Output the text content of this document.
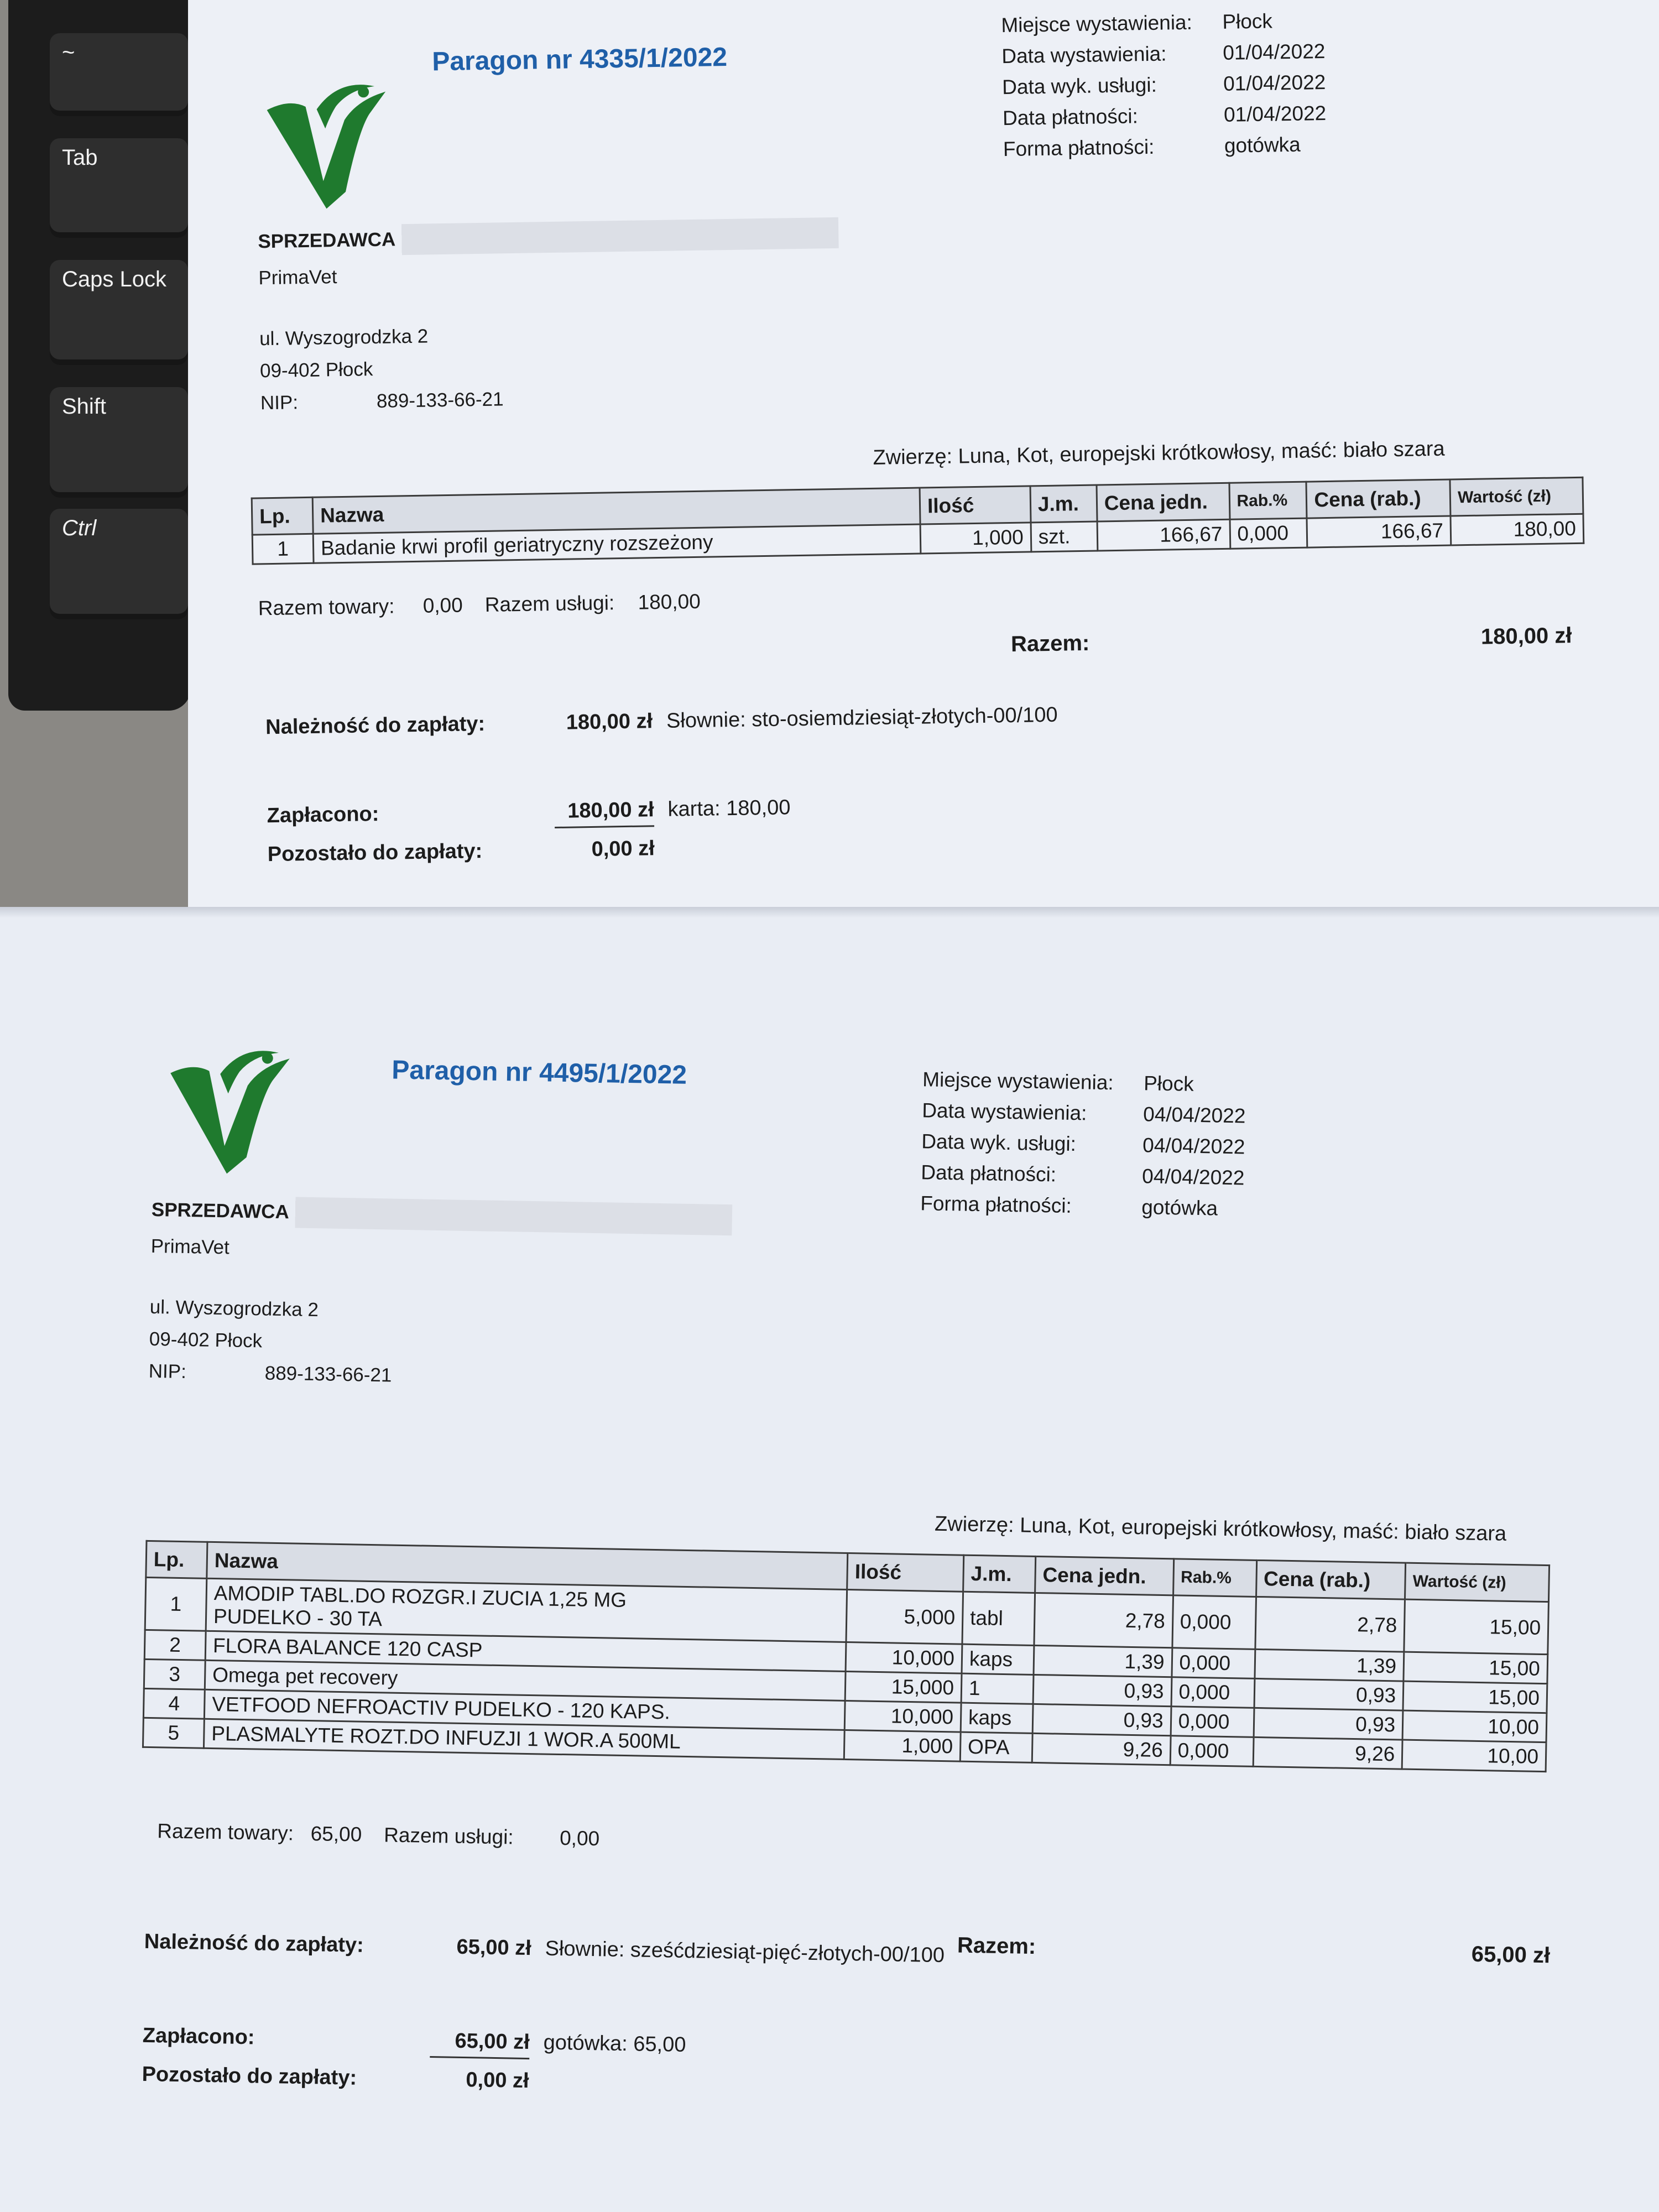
~
Tab
Caps Lock
Shift
Ctrl
Paragon nr 4335/1/2022
Miejsce wystawienia:	Płock
Data wystawienia:	01/04/2022
Data wyk. usługi:	01/04/2022
Data płatności:	01/04/2022
Forma płatności:	gotówka
SPRZEDAWCA
PrimaVet
ul. Wyszogrodzka 2
09-402 Płock
NIP:	889-133-66-21
Zwierzę: Luna, Kot, europejski krótkowłosy, maść: biało szara
Lp.	Nazwa	Ilość	J.m.	Cena jedn.	Rab.%	Cena (rab.)	Wartość (zł)
1	Badanie krwi profil geriatryczny rozszeżony	1,000	szt.	166,67	0,000	166,67	180,00
Razem towary:	0,00 Razem usługi:	180,00
Razem:	180,00 zł
Należność do zapłaty:	180,00 zł Słownie: sto-osiemdziesiąt-złotych-00/100
Zapłacono:	180,00 zł karta: 180,00
Pozostało do zapłaty:	0,00 zł
Paragon nr 4495/1/2022	Miejsce wystawienia:	Płock
Data wystawienia:	04/04/2022
Data wyk. usługi:	04/04/2022
Data płatności:	04/04/2022
Forma płatności:	gotówka
SPRZEDAWCA
PrimaVet
ul. Wyszogrodzka 2
09-402 Płock
NIP:	889-133-66-21
Zwierzę: Luna, Kot, europejski krótkowłosy, maść: biało szara
Lp.	Nazwa	Ilość	J.m.	Cena jedn.	Rab.%	Cena (rab.)	Wartość (zł)
1	AMODIP TABL.DO ROZGR.I ZUCIA 1,25 MG
PUDELKO - 30 TA	5,000	tabl	2,78	0,000	2,78	15,00
2	FLORA BALANCE 120 CASP	10,000	kaps	1,39	0,000	1,39	15,00
3	Omega pet recovery	15,000	1	0,93	0,000	0,93	15,00
4	VETFOOD NEFROACTIV PUDELKO - 120 KAPS.	10,000	kaps	0,93	0,000	0,93	10,00
5	PLASMALYTE ROZT.DO INFUZJI 1 WOR.A 500ML	1,000	OPA	9,26	0,000	9,26	10,00
Razem towary: 65,00 Razem usługi:	0,00
Razem:	65,00 zł
Należność do zapłaty:	65,00 zł Słownie: sześćdziesiąt-pięć-złotych-00/100
Zapłacono:	65,00 zł gotówka: 65,00
Pozostało do zapłaty:	0,00 zł
